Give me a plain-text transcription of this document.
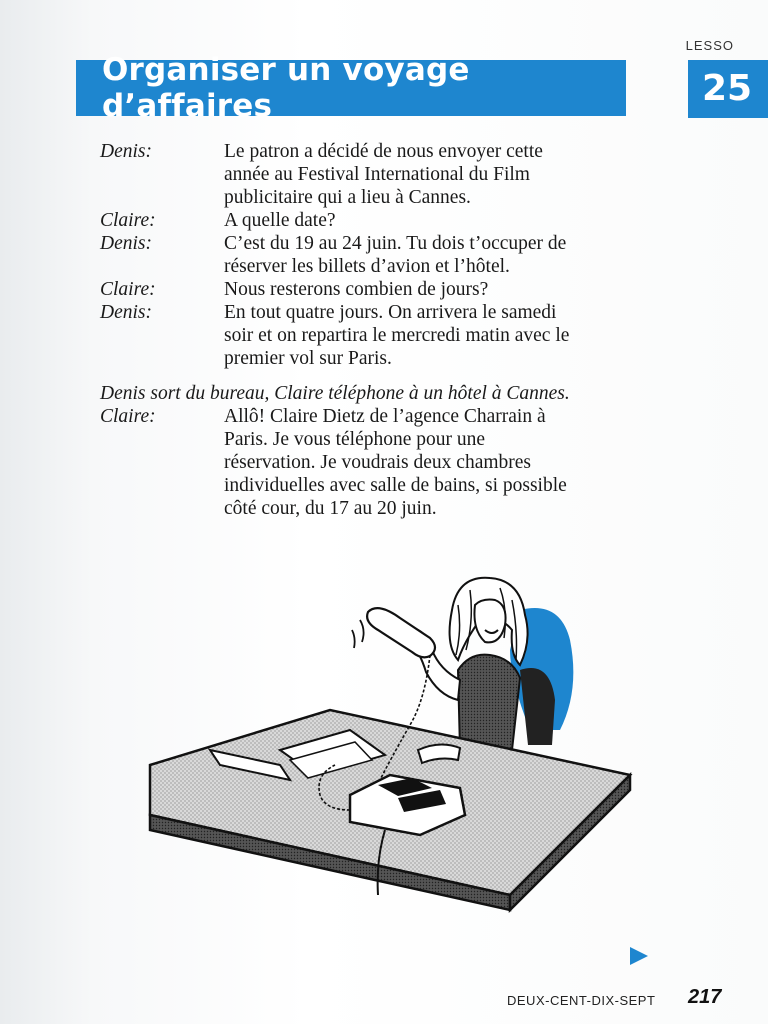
LESSO
Organiser un voyage d’affaires	25
Denis:	Le patron a décidé de nous envoyer cette
année au Festival International du Film
publicitaire qui a lieu à Cannes.
Claire:	A quelle date?
Denis:	C’est du 19 au 24 juin. Tu dois t’occuper de
réserver les billets d’avion et l’hôtel.
Claire:	Nous resterons combien de jours?
Denis:	En tout quatre jours. On arrivera le samedi
soir et on repartira le mercredi matin avec le
premier vol sur Paris.
Denis sort du bureau, Claire téléphone à un hôtel à Cannes.
Claire:	Allô! Claire Dietz de l’agence Charrain à
Paris. Je vous téléphone pour une
réservation. Je voudrais deux chambres
individuelles avec salle de bains, si possible
côté cour, du 17 au 20 juin.
DEUX-CENT-DIX-SEPT 217
